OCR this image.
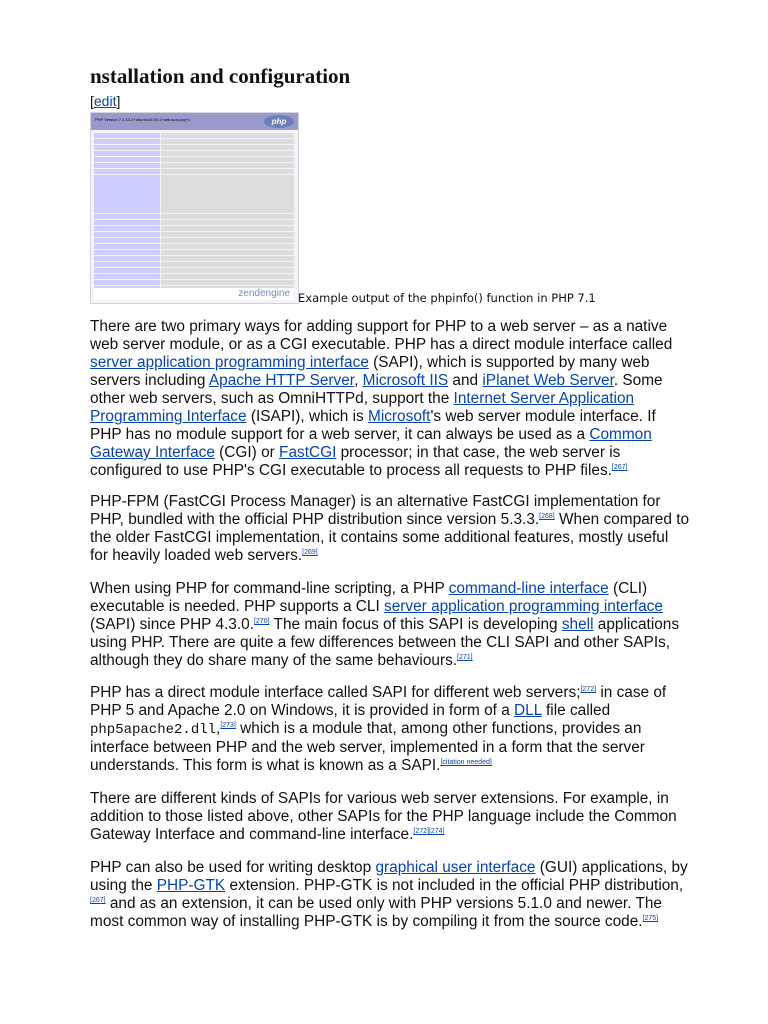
nstallation and configuration
[edit]
PHP Version 7.1.10-1+ubuntu16.04.1+deb.sury.org+1	php
zendengine Example output of the phpinfo() function in PHP 7.1

There are two primary ways for adding support for PHP to a web server – as a native web server module, or as a CGI executable. PHP has a direct module interface called server application programming interface (SAPI), which is supported by many web servers including Apache HTTP Server, Microsoft IIS and iPlanet Web Server. Some other web servers, such as OmniHTTPd, support the Internet Server Application Programming Interface (ISAPI), which is Microsoft's web server module interface. If PHP has no module support for a web server, it can always be used as a Common Gateway Interface (CGI) or FastCGI processor; in that case, the web server is configured to use PHP's CGI executable to process all requests to PHP files.[267]

PHP-FPM (FastCGI Process Manager) is an alternative FastCGI implementation for PHP, bundled with the official PHP distribution since version 5.3.3.[268] When compared to the older FastCGI implementation, it contains some additional features, mostly useful for heavily loaded web servers.[269]

When using PHP for command-line scripting, a PHP command-line interface (CLI) executable is needed. PHP supports a CLI server application programming interface (SAPI) since PHP 4.3.0.[270] The main focus of this SAPI is developing shell applications using PHP. There are quite a few differences between the CLI SAPI and other SAPIs, although they do share many of the same behaviours.[271]

PHP has a direct module interface called SAPI for different web servers;[272] in case of PHP 5 and Apache 2.0 on Windows, it is provided in form of a DLL file called php5apache2.dll,[273] which is a module that, among other functions, provides an interface between PHP and the web server, implemented in a form that the server understands. This form is what is known as a SAPI.[citation needed]

There are different kinds of SAPIs for various web server extensions. For example, in addition to those listed above, other SAPIs for the PHP language include the Common Gateway Interface and command-line interface.[272][274]

PHP can also be used for writing desktop graphical user interface (GUI) applications, by using the PHP-GTK extension. PHP-GTK is not included in the official PHP distribution,[267] and as an extension, it can be used only with PHP versions 5.1.0 and newer. The most common way of installing PHP-GTK is by compiling it from the source code.[275]
